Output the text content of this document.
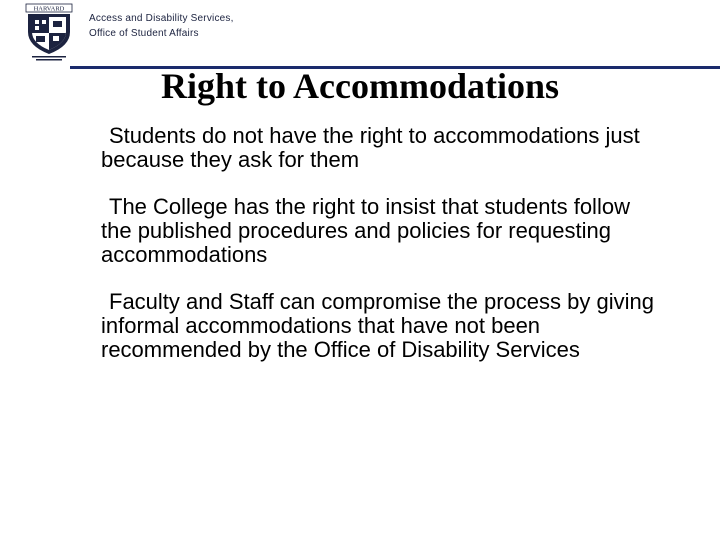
HARVARD
Access and Disability Services,
Office of Student Affairs
Right to Accommodations
Students do not have the right to accommodations just because they ask for them
The College has the right to insist that students follow the published procedures and policies for requesting accommodations
Faculty and Staff can compromise the process by giving informal accommodations that have not been recommended by the Office of Disability Services
